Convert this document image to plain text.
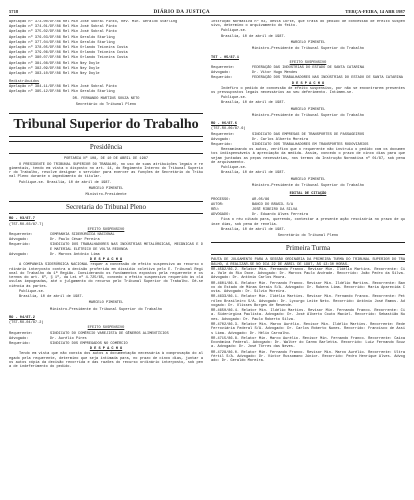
5718	DIÁRIO DA JUSTIÇA	TERÇA-FEIRA, 14 ABR 1987
Apelação nº 373-00/DF/86 Rel Min José Sobral Pinto, Rev. Min. Geraldo Starling
Apelação nº 374-01/DF/86 Rel Min José Sobral Pinto
Apelação nº 375-02/DF/86 Rel Min José Sobral Pinto
Apelação nº 376-03/DF/86 Rel Min Geraldo Starling
Apelação nº 377-04/DF/86 Rel Min Geraldo Starling
Apelação nº 378-05/DF/86 Rel Min Orlando Teixeira Costa
Apelação nº 379-06/DF/86 Rel Min Orlando Teixeira Costa
Apelação nº 380-07/DF/86 Rel Min Orlando Teixeira Costa
Apelação nº 381-08/DF/86 Rel Min Ney Doyle
Apelação nº 382-09/DF/86 Rel Min Ney Doyle
Apelação nº 383-10/DF/86 Rel Min Ney Doyle
Redistribuídos
Apelação nº 384-11/DF/86 Rel Min José Sobral Pinto
Apelação nº 385-12/DF/86 Rel Min Geraldo Starling
DR. FERNANDO MARTINS SOUZA NETO
Secretário do Tribunal Pleno
Tribunal Superior do Trabalho
Presidência
PORTARIA Nº 108, DE 10 DE ABRIL DE 1987
O PRESIDENTE DO TRIBUNAL SUPERIOR DO TRABALHO, no uso de suas atribuições legais e regimentais, tendo em vista o disposto no art. 14, do Regimento Interno do Tribunal Superior do Trabalho, resolve designar o servidor para exercer as funções de Secretário do Tribunal Pleno durante o impedimento do titular.
Publique-se. Brasília, 10 de abril de 1987.
MARCELO PIMENTEL
Ministro-Presidente
Secretaria do Tribunal Pleno
RO - 03/87.7
(TST-RO-03/87.7)
EFEITO SUSPENSIVO
Requerente:	COMPANHIA SIDERÚRGICA NACIONAL
Advogado:	Dr. Paulo César Pereira
Requerido:	SINDICATO DOS TRABALHADORES NAS INDÚSTRIAS METALÚRGICAS, MECÂNICAS E DE MATERIAL ELÉTRICO DE VOLTA REDONDA
Advogado:	Dr. Marcos Antônio Lima
D E S P A C H O
A COMPANHIA SIDERÚRGICA NACIONAL requer a concessão de efeito suspensivo ao recurso ordinário interposto contra a decisão proferida em dissídio coletivo pelo E. Tribunal Regional do Trabalho da 1ª Região. Considerando os fundamentos expostos pela requerente e os termos do art. 6º, § 1º, da Lei nº 4.725/65, concedo o efeito suspensivo requerido às cláusulas impugnadas, até o julgamento do recurso pelo Tribunal Superior do Trabalho. Dê-se ciência às partes.
Publique-se.
Brasília, 10 de abril de 1987.
MARCELO PIMENTEL
Ministro-Presidente do Tribunal Superior do Trabalho
RO - 04/87.2
(TST-RO-04/87.2)
EFEITO SUSPENSIVO
Requerente:	SINDICATO DO COMÉRCIO VAREJISTA DE GÊNEROS ALIMENTÍCIOS
Advogado:	Dr. Aurélio Pires
Requerido:	SINDICATO DOS EMPREGADOS NO COMÉRCIO
D E S P A C H O
Tendo em vista que não consta dos autos a documentação necessária à comprovação do alegado pela requerente, determino que seja intimada para, no prazo de cinco dias, juntar aos autos cópia da decisão recorrida e das razões do recurso ordinário interposto, sob pena de indeferimento do pedido.
Instrução Normativa nº 03, desta Corte, que trata do pedido de concessão de efeito suspensivo, determino o arquivamento do feito.
Publique-se.
Brasília, 10 de abril de 1987.
MARCELO PIMENTEL
Ministro-Presidente do Tribunal Superior do Trabalho
TST - 05/87.1
EFEITO SUSPENSIVO
Requerente:	FEDERAÇÃO DAS INDÚSTRIAS DO ESTADO DE SANTA CATARINA
Advogado:	Dr. Vitor Hugo Mendes
Requerido:	FEDERAÇÃO DOS TRABALHADORES NAS INDÚSTRIAS DO ESTADO DE SANTA CATARINA
D E S P A C H O
Indefiro o pedido de concessão de efeito suspensivo, por não se encontrarem presentes os pressupostos legais necessários ao seu deferimento. Intimem-se.
Publique-se.
Brasília, 10 de abril de 1987.
MARCELO PIMENTEL
Ministro-Presidente do Tribunal Superior do Trabalho
RO - 06/87.6
(TST-RO-06/87.6)
Requerente:	SINDICATO DAS EMPRESAS DE TRANSPORTES DE PASSAGEIROS
Advogado:	Dr. Carlos Alberto Moreira
Requerido:	SINDICATO DOS TRABALHADORES EM TRANSPORTES RODOVIÁRIOS
Reexaminando os autos, verifico que o requerente não instruiu o pedido com os documentos indispensáveis à apreciação da medida. Assim, concedo o prazo de cinco dias para que sejam juntadas as peças necessárias, nos termos da Instrução Normativa nº 01/87, sob pena de arquivamento.
Publique-se.
Brasília, 10 de abril de 1987.
MARCELO PIMENTEL
Ministro-Presidente do Tribunal Superior do Trabalho
EDITAL DE CITAÇÃO
PROCESSO:	AR-05/86
AUTOR:	BANCO DO BRASIL S/A
RÉU:	JOSÉ RIBEIRO DA SILVA
ADVOGADO:	Dr. Eduardo Alves Ferreira
Fica o réu citado para, querendo, contestar a presente ação rescisória no prazo de quinze dias, sob pena de revelia.
Brasília, 10 de abril de 1987.
Secretário do Tribunal Pleno
Primeira Turma
PAUTA DE JULGAMENTO PARA A SESSÃO ORDINÁRIA DA PRIMEIRA TURMA DO TRIBUNAL SUPERIOR DO TRABALHO, A REALIZAR-SE NO DIA 22 DE ABRIL DE 1987, ÀS 13:30 HORAS.
RR-4582/86.2. Relator Min. Fernando Franco. Revisor Min. Ildélio Martins. Recorrente: Cia. Vale do Rio Doce. Advogado: Dr. Marcos Paulo Andrade. Recorrido: João Pedro da Silva. Advogado: Dr. Antônio Carlos Moura.
RR-4601/86.6. Relator Min. Fernando Franco. Revisor Min. Ildélio Martins. Recorrente: Banco do Estado de Minas Gerais S/A. Advogado: Dr. Rubens Lima. Recorrido: Maria Aparecida Costa. Advogado: Dr. Silvio Moreira.
RR-4633/86.1. Relator Min. Ildélio Martins. Revisor Min. Fernando Franco. Recorrente: Petróleo Brasileiro S/A. Advogado: Dr. Lycurgo Leite Neto. Recorrido: Antônio José Ramos. Advogado: Dr. Ulisses Borges de Resende.
RR-4650/86.4. Relator Min. Ildélio Martins. Revisor Min. Fernando Franco. Recorrente: Cia. Siderúrgica Paulista. Advogado: Dr. José Alberto Couto Maciel. Recorrido: Sebastião Nunes. Advogado: Dr. Paulo Roberto Silva.
RR-4702/86.3. Relator Min. Marco Aurélio. Revisor Min. Ildélio Martins. Recorrente: Rede Ferroviária Federal S/A. Advogado: Dr. Carlos Roberto Nunes. Recorrido: Francisco de Assis Lima. Advogado: Dr. Hélio Carvalho.
RR-4715/86.8. Relator Min. Marco Aurélio. Revisor Min. Fernando Franco. Recorrente: Caixa Econômica Federal. Advogado: Dr. Walter do Carmo Barletta. Recorrido: Luiz Fernando Souza. Advogado: Dr. José Tôrres das Neves.
RR-4728/86.0. Relator Min. Fernando Franco. Revisor Min. Marco Aurélio. Recorrente: Ultrafértil S/A. Advogado: Dr. Victor Russomano Júnior. Recorrido: Pedro Henrique Alves. Advogado: Dr. Geraldo Moreira.
